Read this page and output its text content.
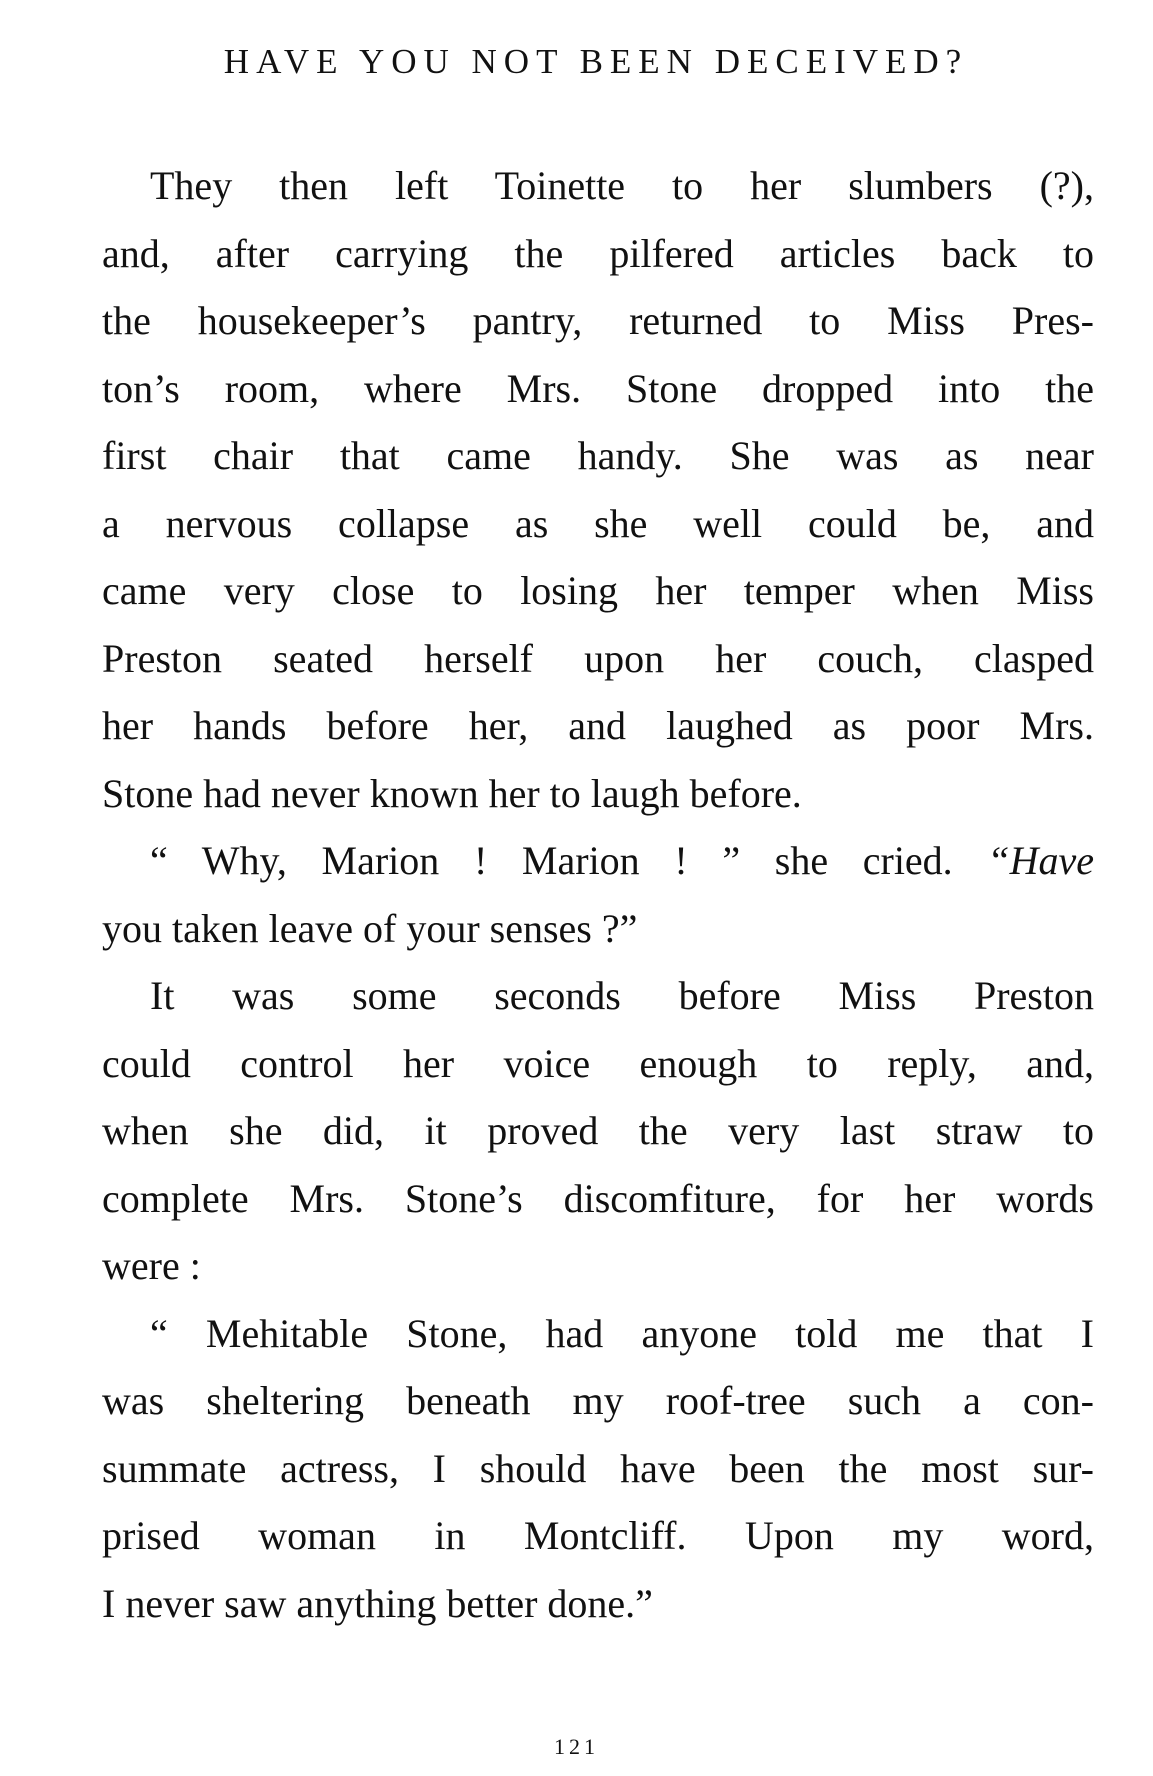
HAVE YOU NOT BEEN DECEIVED?
They then left Toinette to her slumbers (?),
and, after carrying the pilfered articles back to
the housekeeper’s pantry, returned to Miss Pres-
ton’s room, where Mrs. Stone dropped into the
first chair that came handy. She was as near
a nervous collapse as she well could be, and
came very close to losing her temper when Miss
Preston seated herself upon her couch, clasped
her hands before her, and laughed as poor Mrs.
Stone had never known her to laugh before.
“ Why, Marion ! Marion ! ” she cried. “Have
you taken leave of your senses ?”
It was some seconds before Miss Preston
could control her voice enough to reply, and,
when she did, it proved the very last straw to
complete Mrs. Stone’s discomfiture, for her words
were :
“ Mehitable Stone, had anyone told me that I
was sheltering beneath my roof-tree such a con-
summate actress, I should have been the most sur-
prised woman in Montcliff. Upon my word,
I never saw anything better done.”
121
